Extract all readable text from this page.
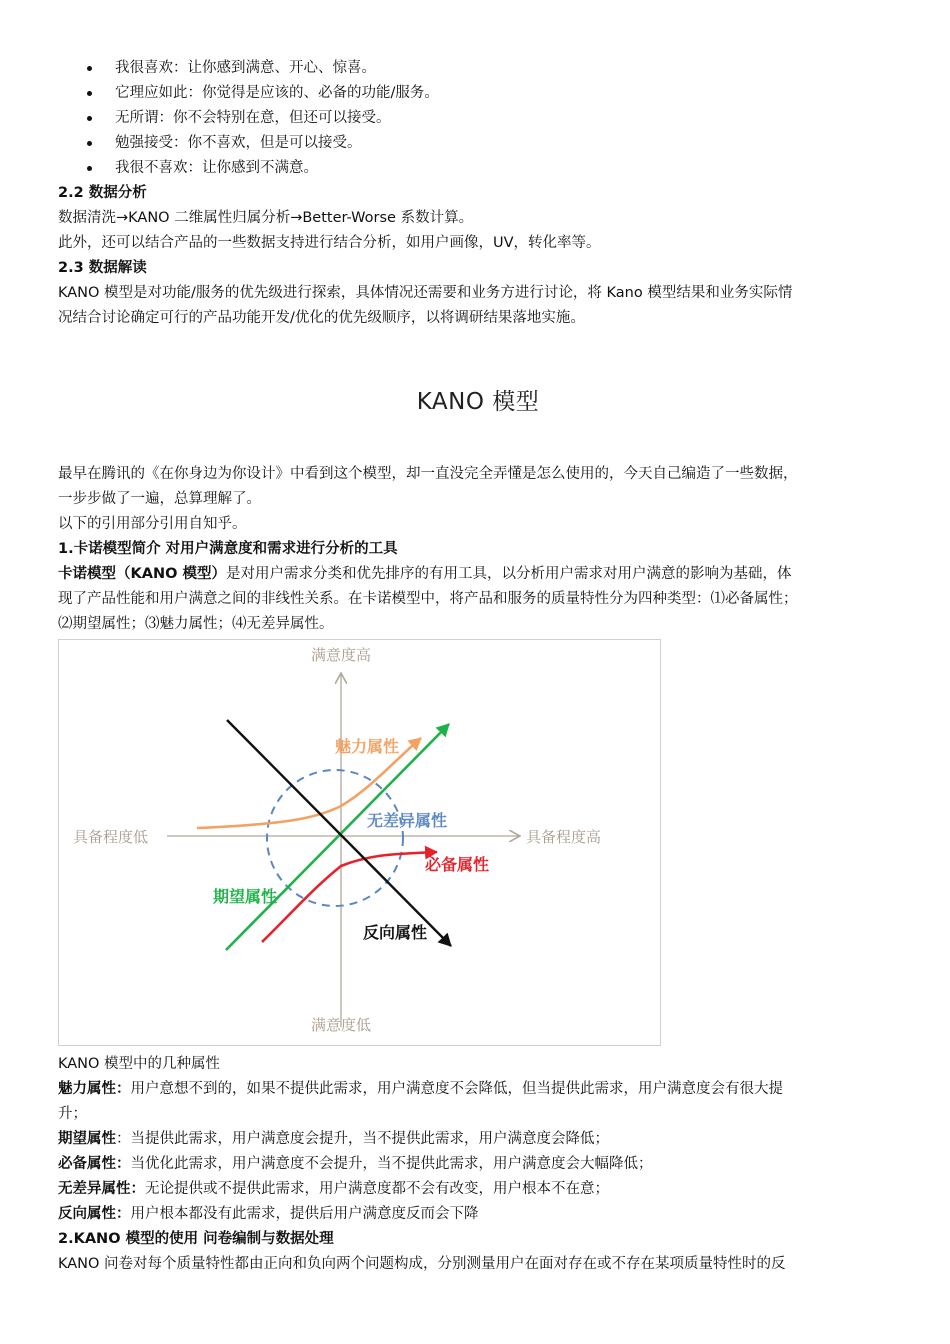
我很喜欢：让你感到满意、开心、惊喜。
它理应如此：你觉得是应该的、必备的功能/服务。
无所谓：你不会特别在意，但还可以接受。
勉强接受：你不喜欢，但是可以接受。
我很不喜欢：让你感到不满意。
2.2 数据分析
数据清洗→KANO 二维属性归属分析→Better-Worse 系数计算。
此外，还可以结合产品的一些数据支持进行结合分析，如用户画像，UV，转化率等。
2.3 数据解读
KANO 模型是对功能/服务的优先级进行探索，具体情况还需要和业务方进行讨论，将 Kano 模型结果和业务实际情
况结合讨论确定可行的产品功能开发/优化的优先级顺序，以将调研结果落地实施。
KANO 模型
最早在腾讯的《在你身边为你设计》中看到这个模型，却一直没完全弄懂是怎么使用的，今天自己编造了一些数据，
一步步做了一遍，总算理解了。
以下的引用部分引用自知乎。
1.卡诺模型简介 对用户满意度和需求进行分析的工具
卡诺模型（KANO 模型）是对用户需求分类和优先排序的有用工具，以分析用户需求对用户满意的影响为基础，体
现了产品性能和用户满意之间的非线性关系。在卡诺模型中，将产品和服务的质量特性分为四种类型：⑴必备属性；
⑵期望属性；⑶魅力属性；⑷无差异属性。
满意度高
满意度低
具备程度低	具备程度高
魅力属性
无差异属性
必备属性
期望属性
反向属性
KANO 模型中的几种属性
魅力属性：用户意想不到的，如果不提供此需求，用户满意度不会降低，但当提供此需求，用户满意度会有很大提
升；
期望属性：当提供此需求，用户满意度会提升，当不提供此需求，用户满意度会降低；
必备属性：当优化此需求，用户满意度不会提升，当不提供此需求，用户满意度会大幅降低；
无差异属性：无论提供或不提供此需求，用户满意度都不会有改变，用户根本不在意；
反向属性：用户根本都没有此需求，提供后用户满意度反而会下降
2.KANO 模型的使用 问卷编制与数据处理
KANO 问卷对每个质量特性都由正向和负向两个问题构成，分别测量用户在面对存在或不存在某项质量特性时的反
